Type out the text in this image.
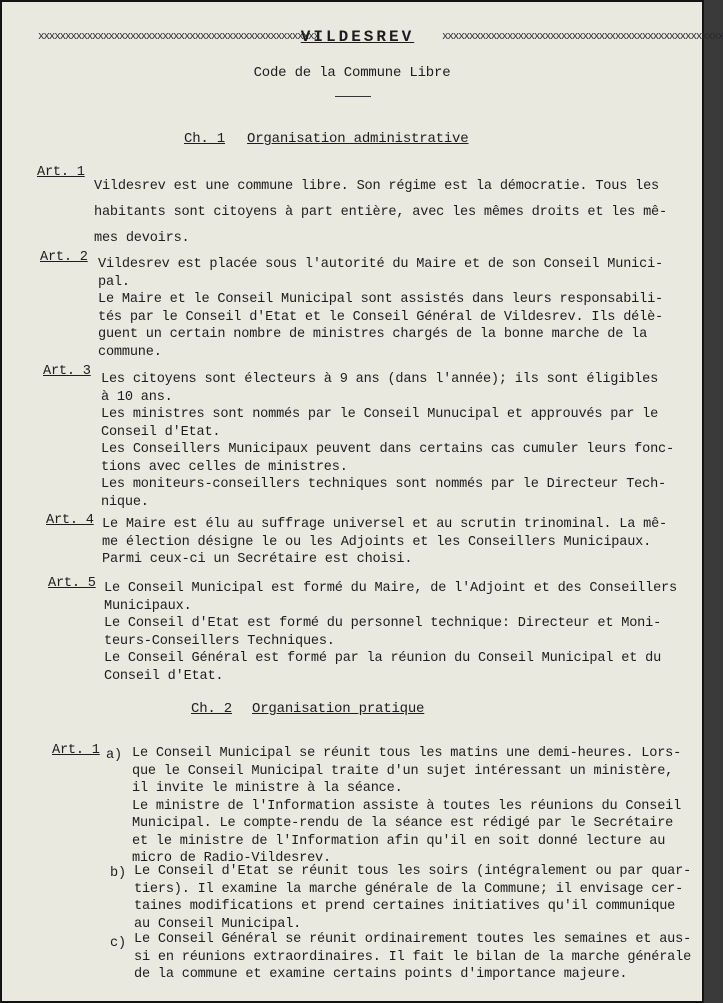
xxxxxxxxxxxxxxxxxxxxxxxxxxxxxxxxxxxxxxxxxxxxxxxxxxxx
VILDESREV	xxxxxxxxxxxxxxxxxxxxxxxxxxxxxxxxxxxxxxxxxxxxxxxxxxxx
Code de la Commune Libre
Ch. 1 Organisation administrative
Art. 1
Vildesrev est une commune libre. Son régime est la démocratie. Tous les
habitants sont citoyens à part entière, avec les mêmes droits et les mê-
mes devoirs.
Art. 2 Vildesrev est placée sous l'autorité du Maire et de son Conseil Munici-
pal.
Le Maire et le Conseil Municipal sont assistés dans leurs responsabili-
tés par le Conseil d'Etat et le Conseil Général de Vildesrev. Ils délè-
guent un certain nombre de ministres chargés de la bonne marche de la
commune.
Art. 3
Les citoyens sont électeurs à 9 ans (dans l'année); ils sont éligibles
à 10 ans.
Les ministres sont nommés par le Conseil Munucipal et approuvés par le
Conseil d'Etat.
Les Conseillers Municipaux peuvent dans certains cas cumuler leurs fonc-
tions avec celles de ministres.
Les moniteurs-conseillers techniques sont nommés par le Directeur Tech-
nique.
Art. 4 Le Maire est élu au suffrage universel et au scrutin trinominal. La mê-
me élection désigne le ou les Adjoints et les Conseillers Municipaux.
Parmi ceux-ci un Secrétaire est choisi.
Art. 5 Le Conseil Municipal est formé du Maire, de l'Adjoint et des Conseillers
Municipaux.
Le Conseil d'Etat est formé du personnel technique: Directeur et Moni-
teurs-Conseillers Techniques.
Le Conseil Général est formé par la réunion du Conseil Municipal et du
Conseil d'Etat.
Ch. 2 Organisation pratique
Art. 1 a) Le Conseil Municipal se réunit tous les matins une demi-heures. Lors-
que le Conseil Municipal traite d'un sujet intéressant un ministère,
il invite le ministre à la séance.
Le ministre de l'Information assiste à toutes les réunions du Conseil
Municipal. Le compte-rendu de la séance est rédigé par le Secrétaire
et le ministre de l'Information afin qu'il en soit donné lecture au
micro de Radio-Vildesrev.
b) Le Conseil d'Etat se réunit tous les soirs (intégralement ou par quar-
tiers). Il examine la marche générale de la Commune; il envisage cer-
taines modifications et prend certaines initiatives qu'il communique
au Conseil Municipal.
c) Le Conseil Général se réunit ordinairement toutes les semaines et aus-
si en réunions extraordinaires. Il fait le bilan de la marche générale
de la commune et examine certains points d'importance majeure.
